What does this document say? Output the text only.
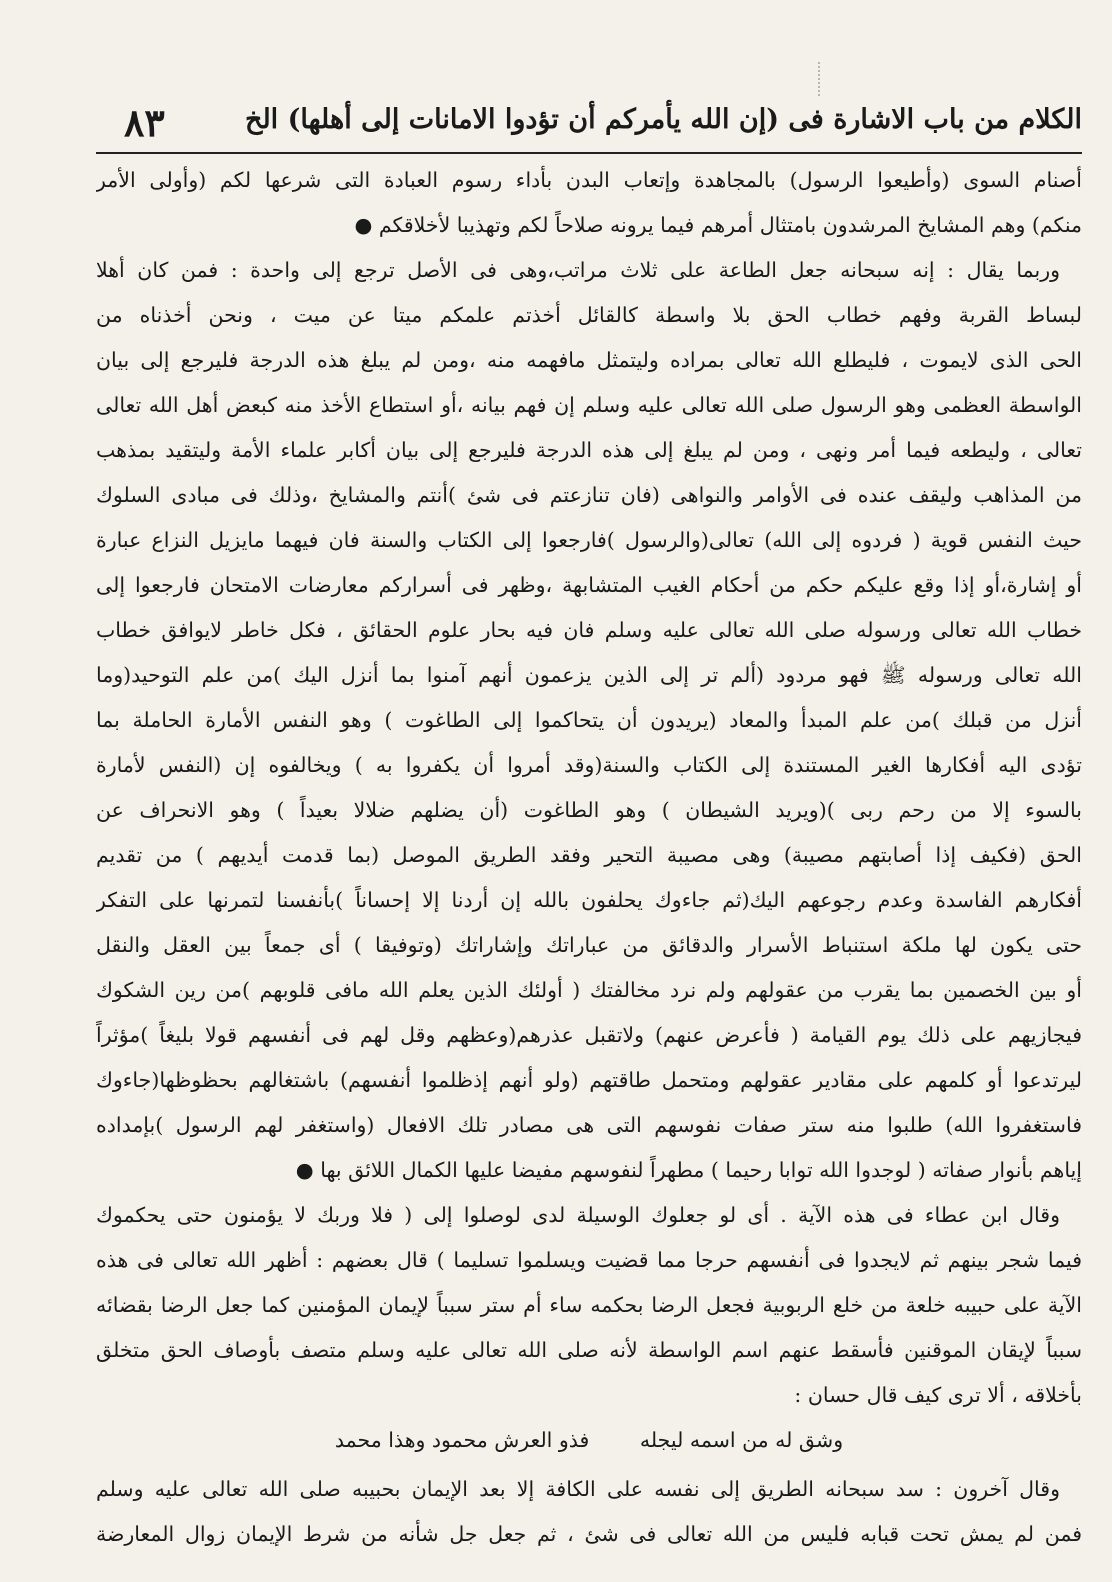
الكلام من باب الاشارة فى (إن الله يأمركم أن تؤدوا الامانات إلى أهلها) الخ
٨٣
أصنام السوى (وأطيعوا الرسول) بالمجاهدة وإتعاب البدن بأداء رسوم العبادة التى شرعها لكم (وأولى الأمر
منكم) وهم المشايخ المرشدون بامتثال أمرهم فيما يرونه صلاحاً لكم وتهذيبا لأخلاقكم ●
وربما يقال : إنه سبحانه جعل الطاعة على ثلاث مراتب،وهى فى الأصل ترجع إلى واحدة : فمن كان أهلا
لبساط القربة وفهم خطاب الحق بلا واسطة كالقائل أخذتم علمكم ميتا عن ميت ، ونحن أخذناه من
الحى الذى لايموت ، فليطلع الله تعالى بمراده وليتمثل مافهمه منه ،ومن لم يبلغ هذه الدرجة فليرجع إلى بيان
الواسطة العظمى وهو الرسول صلى الله تعالى عليه وسلم إن فهم بيانه ،أو استطاع الأخذ منه كبعض أهل الله تعالى
تعالى ، وليطعه فيما أمر ونهى ، ومن لم يبلغ إلى هذه الدرجة فليرجع إلى بيان أكابر علماء الأمة وليتقيد بمذهب
من المذاهب وليقف عنده فى الأوامر والنواهى (فان تنازعتم فى شئ )أنتم والمشايخ ،وذلك فى مبادى السلوك
حيث النفس قوية ( فردوه إلى الله) تعالى(والرسول )فارجعوا إلى الكتاب والسنة فان فيهما مايزيل النزاع عبارة
أو إشارة،أو إذا وقع عليكم حكم من أحكام الغيب المتشابهة ،وظهر فى أسراركم معارضات الامتحان فارجعوا إلى
خطاب الله تعالى ورسوله صلى الله تعالى عليه وسلم فان فيه بحار علوم الحقائق ، فكل خاطر لايوافق خطاب
الله تعالى ورسوله ﷺ فهو مردود (ألم تر إلى الذين يزعمون أنهم آمنوا بما أنزل اليك )من علم التوحيد(وما
أنزل من قبلك )من علم المبدأ والمعاد (يريدون أن يتحاكموا إلى الطاغوت ) وهو النفس الأمارة الحاملة بما
تؤدى اليه أفكارها الغير المستندة إلى الكتاب والسنة(وقد أمروا أن يكفروا به ) ويخالفوه إن (النفس لأمارة
بالسوء إلا من رحم ربى )(ويريد الشيطان ) وهو الطاغوت (أن يضلهم ضلالا بعيداً ) وهو الانحراف عن
الحق (فكيف إذا أصابتهم مصيبة) وهى مصيبة التحير وفقد الطريق الموصل (بما قدمت أيديهم ) من تقديم
أفكارهم الفاسدة وعدم رجوعهم اليك(ثم جاءوك يحلفون بالله إن أردنا إلا إحساناً )بأنفسنا لتمرنها على التفكر
حتى يكون لها ملكة استنباط الأسرار والدقائق من عباراتك وإشاراتك (وتوفيقا ) أى جمعاً بين العقل والنقل
أو بين الخصمين بما يقرب من عقولهم ولم نرد مخالفتك ( أولئك الذين يعلم الله مافى قلوبهم )من رين الشكوك
فيجازيهم على ذلك يوم القيامة ( فأعرض عنهم) ولاتقبل عذرهم(وعظهم وقل لهم فى أنفسهم قولا بليغاً )مؤثراً
ليرتدعوا أو كلمهم على مقادير عقولهم ومتحمل طاقتهم (ولو أنهم إذظلموا أنفسهم) باشتغالهم بحظوظها(جاءوك
فاستغفروا الله) طلبوا منه ستر صفات نفوسهم التى هى مصادر تلك الافعال (واستغفر لهم الرسول )بإمداده
إياهم بأنوار صفاته ( لوجدوا الله توابا رحيما ) مطهراً لنفوسهم مفيضا عليها الكمال اللائق بها ●
وقال ابن عطاء فى هذه الآية . أى لو جعلوك الوسيلة لدى لوصلوا إلى ( فلا وربك لا يؤمنون حتى يحكموك
فيما شجر بينهم ثم لايجدوا فى أنفسهم حرجا مما قضيت ويسلموا تسليما ) قال بعضهم : أظهر الله تعالى فى هذه
الآية على حبيبه خلعة من خلع الربوبية فجعل الرضا بحكمه ساء أم ستر سبباً لإيمان المؤمنين كما جعل الرضا بقضائه
سبباً لإيقان الموقنين فأسقط عنهم اسم الواسطة لأنه صلى الله تعالى عليه وسلم متصف بأوصاف الحق متخلق
بأخلاقه ، ألا ترى كيف قال حسان :
وشق له من اسمه ليجله فذو العرش محمود وهذا محمد
وقال آخرون : سد سبحانه الطريق إلى نفسه على الكافة إلا بعد الإيمان بحبيبه صلى الله تعالى عليه وسلم
فمن لم يمش تحت قبابه فليس من الله تعالى فى شئ ، ثم جعل جل شأنه من شرط الإيمان زوال المعارضة
